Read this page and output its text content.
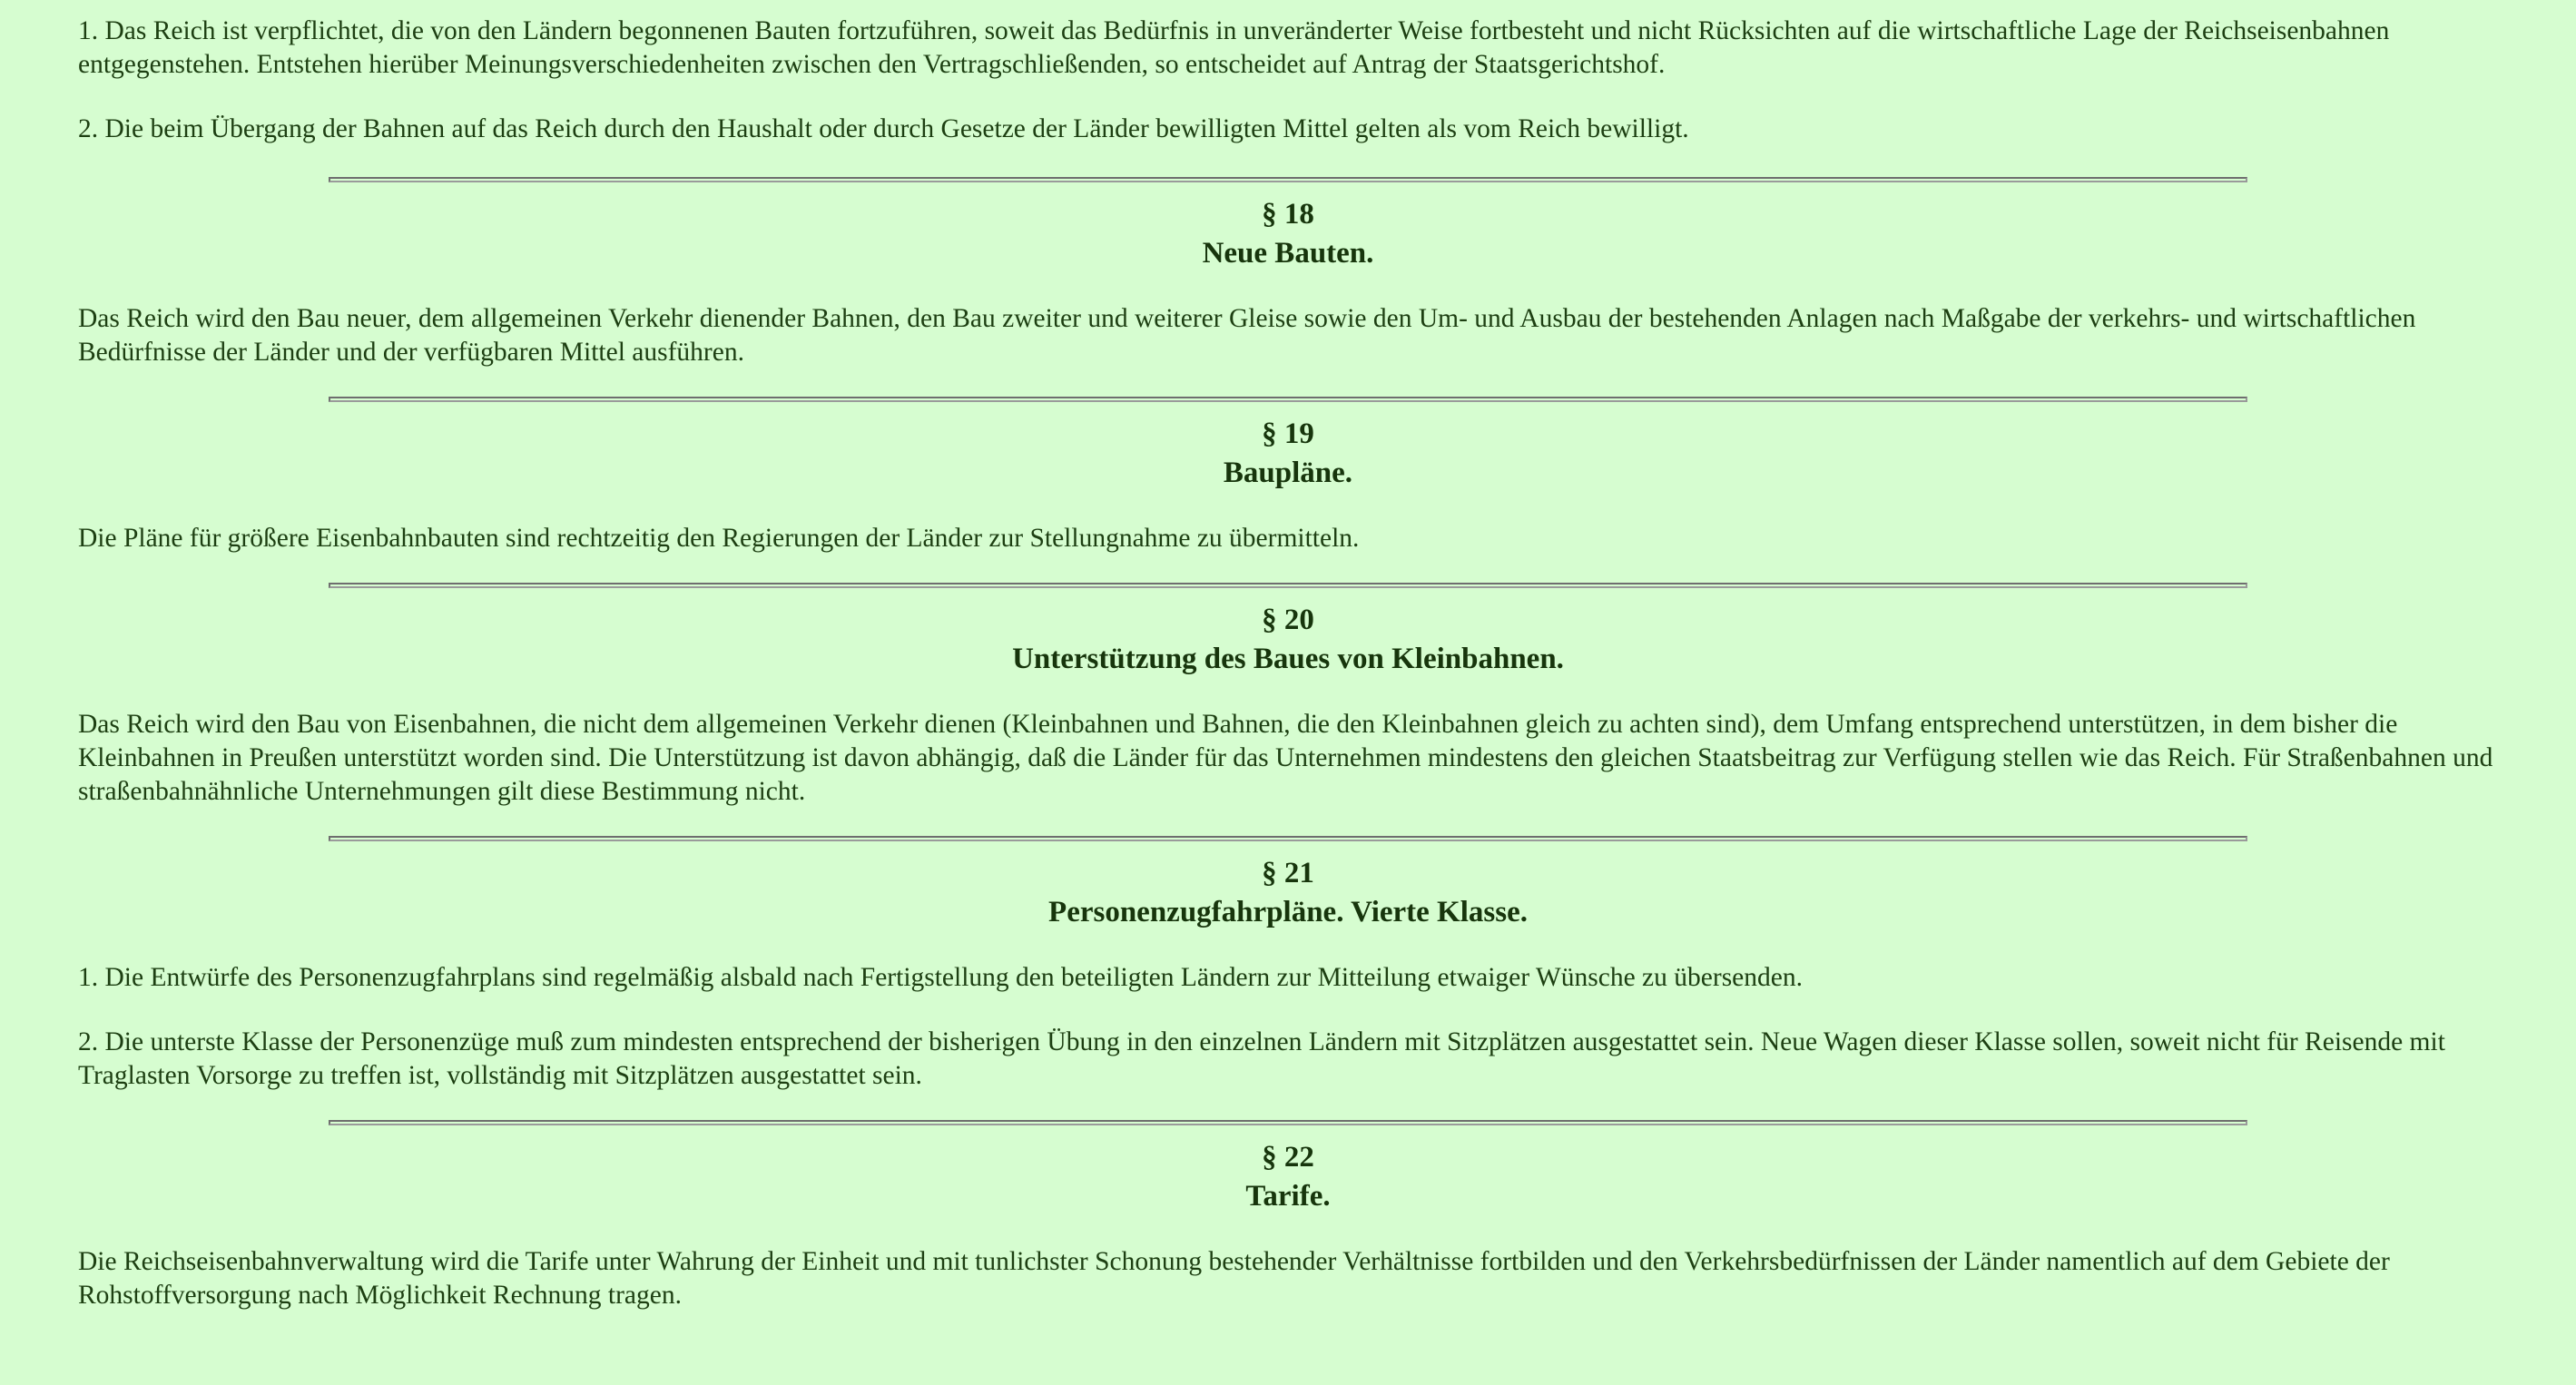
1. Das Reich ist verpflichtet, die von den Ländern begonnenen Bauten fortzuführen, soweit das Bedürfnis in unveränderter Weise fortbesteht und nicht Rücksichten auf die wirtschaftliche Lage der Reichseisenbahnen entgegenstehen. Entstehen hierüber Meinungsverschiedenheiten zwischen den Vertragschließenden, so entscheidet auf Antrag der Staatsgerichtshof.

2. Die beim Übergang der Bahnen auf das Reich durch den Haushalt oder durch Gesetze der Länder bewilligten Mittel gelten als vom Reich bewilligt.

§ 18
Neue Bauten.

Das Reich wird den Bau neuer, dem allgemeinen Verkehr dienender Bahnen, den Bau zweiter und weiterer Gleise sowie den Um- und Ausbau der bestehenden Anlagen nach Maßgabe der verkehrs- und wirtschaftlichen Bedürfnisse der Länder und der verfügbaren Mittel ausführen.

§ 19
Baupläne.

Die Pläne für größere Eisenbahnbauten sind rechtzeitig den Regierungen der Länder zur Stellungnahme zu übermitteln.

§ 20
Unterstützung des Baues von Kleinbahnen.

Das Reich wird den Bau von Eisenbahnen, die nicht dem allgemeinen Verkehr dienen (Kleinbahnen und Bahnen, die den Kleinbahnen gleich zu achten sind), dem Umfang entsprechend unterstützen, in dem bisher die Kleinbahnen in Preußen unterstützt worden sind. Die Unterstützung ist davon abhängig, daß die Länder für das Unternehmen mindestens den gleichen Staatsbeitrag zur Verfügung stellen wie das Reich. Für Straßenbahnen und straßenbahnähnliche Unternehmungen gilt diese Bestimmung nicht.

§ 21
Personenzugfahrpläne. Vierte Klasse.

1. Die Entwürfe des Personenzugfahrplans sind regelmäßig alsbald nach Fertigstellung den beteiligten Ländern zur Mitteilung etwaiger Wünsche zu übersenden.

2. Die unterste Klasse der Personenzüge muß zum mindesten entsprechend der bisherigen Übung in den einzelnen Ländern mit Sitzplätzen ausgestattet sein. Neue Wagen dieser Klasse sollen, soweit nicht für Reisende mit Traglasten Vorsorge zu treffen ist, vollständig mit Sitzplätzen ausgestattet sein.

§ 22
Tarife.

Die Reichseisenbahnverwaltung wird die Tarife unter Wahrung der Einheit und mit tunlichster Schonung bestehender Verhältnisse fortbilden und den Verkehrsbedürfnissen der Länder namentlich auf dem Gebiete der Rohstoffversorgung nach Möglichkeit Rechnung tragen.
